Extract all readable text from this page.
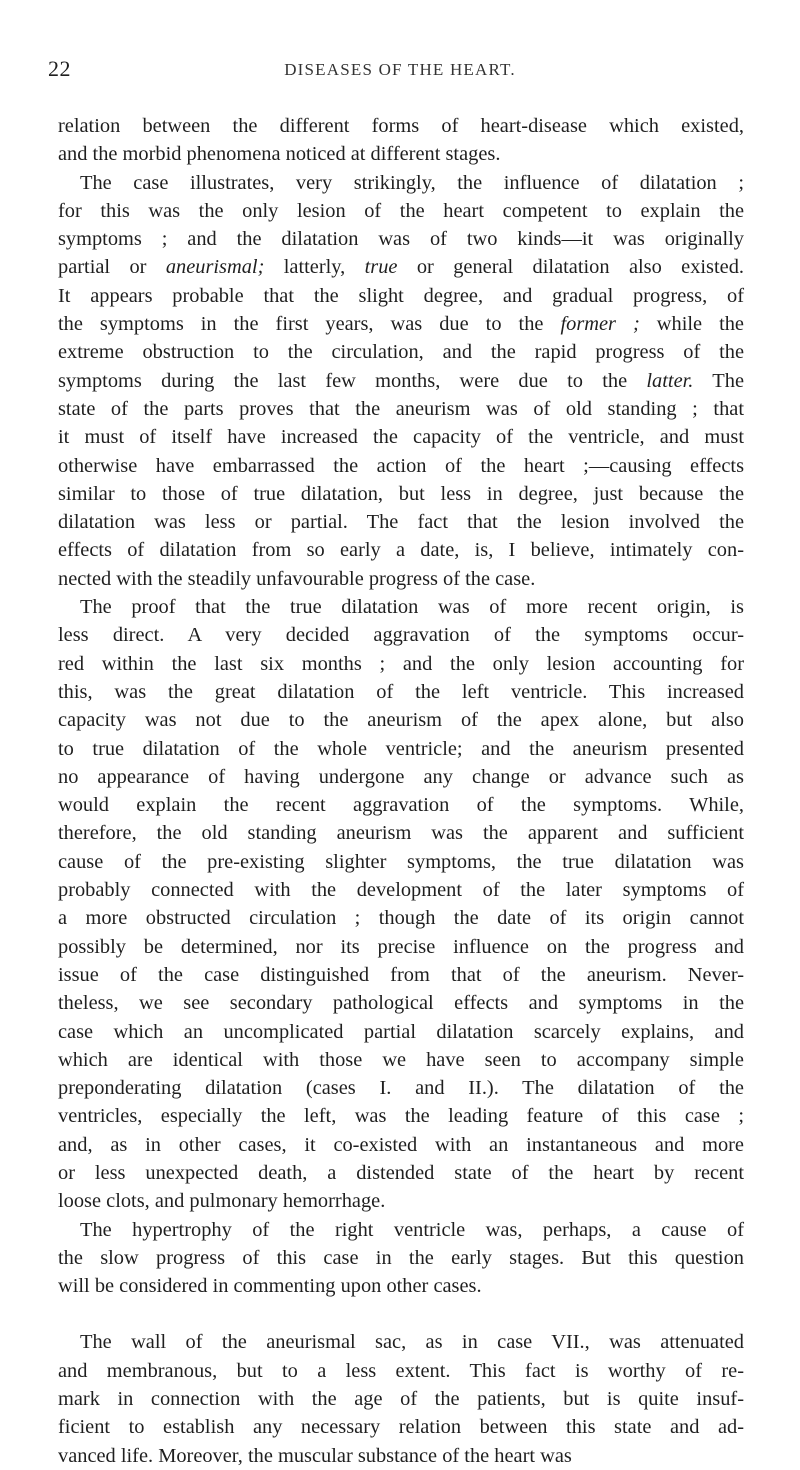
22	DISEASES OF THE HEART.
relation between the different forms of heart-disease which existed,
and the morbid phenomena noticed at different stages.
The case illustrates, very strikingly, the influence of dilatation ;
for this was the only lesion of the heart competent to explain the
symptoms ; and the dilatation was of two kinds—it was originally
partial or aneurismal; latterly, true or general dilatation also existed.
It appears probable that the slight degree, and gradual progress, of
the symptoms in the first years, was due to the former ; while the
extreme obstruction to the circulation, and the rapid progress of the
symptoms during the last few months, were due to the latter. The
state of the parts proves that the aneurism was of old standing ; that
it must of itself have increased the capacity of the ventricle, and must
otherwise have embarrassed the action of the heart ;—causing effects
similar to those of true dilatation, but less in degree, just because the
dilatation was less or partial. The fact that the lesion involved the
effects of dilatation from so early a date, is, I believe, intimately con-
nected with the steadily unfavourable progress of the case.
The proof that the true dilatation was of more recent origin, is
less direct. A very decided aggravation of the symptoms occur-
red within the last six months ; and the only lesion accounting for
this, was the great dilatation of the left ventricle. This increased
capacity was not due to the aneurism of the apex alone, but also
to true dilatation of the whole ventricle; and the aneurism presented
no appearance of having undergone any change or advance such as
would explain the recent aggravation of the symptoms. While,
therefore, the old standing aneurism was the apparent and sufficient
cause of the pre-existing slighter symptoms, the true dilatation was
probably connected with the development of the later symptoms of
a more obstructed circulation ; though the date of its origin cannot
possibly be determined, nor its precise influence on the progress and
issue of the case distinguished from that of the aneurism. Never-
theless, we see secondary pathological effects and symptoms in the
case which an uncomplicated partial dilatation scarcely explains, and
which are identical with those we have seen to accompany simple
preponderating dilatation (cases I. and II.). The dilatation of the
ventricles, especially the left, was the leading feature of this case ;
and, as in other cases, it co-existed with an instantaneous and more
or less unexpected death, a distended state of the heart by recent
loose clots, and pulmonary hemorrhage.
The hypertrophy of the right ventricle was, perhaps, a cause of
the slow progress of this case in the early stages. But this question
will be considered in commenting upon other cases.
The wall of the aneurismal sac, as in case VII., was attenuated
and membranous, but to a less extent. This fact is worthy of re-
mark in connection with the age of the patients, but is quite insuf-
ficient to establish any necessary relation between this state and ad-
vanced life. Moreover, the muscular substance of the heart was
